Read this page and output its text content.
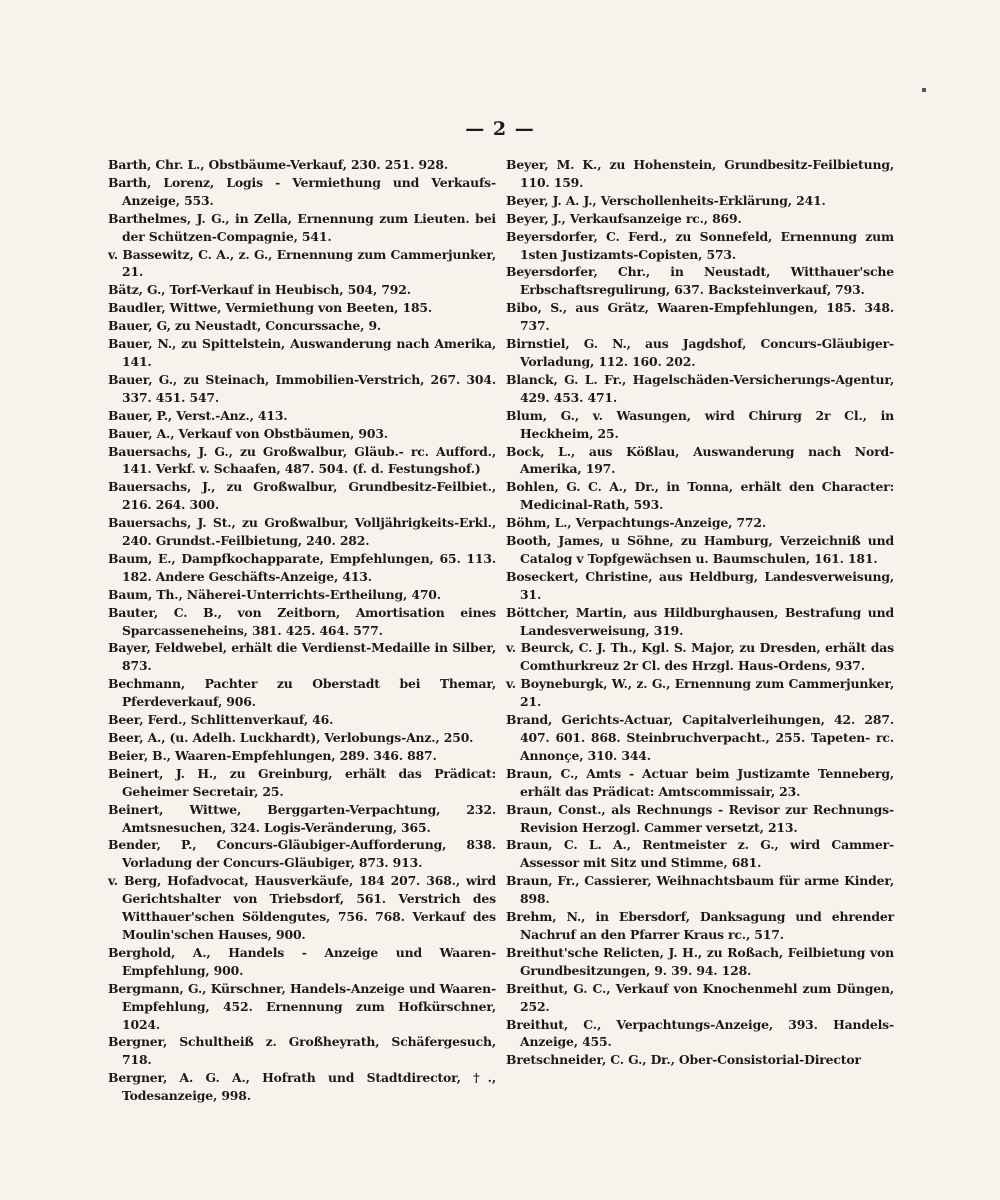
— 2 —
Barth, Chr. L., Obstbäume-Verkauf, 230. 251. 928.
Barth, Lorenz, Logis - Vermiethung und Verkaufs-Anzeige, 553.
Barthelmes, J. G., in Zella, Ernennung zum Lieuten. bei der Schützen-Compagnie, 541.
v. Bassewitz, C. A., z. G., Ernennung zum Cammerjunker, 21.
Bätz, G., Torf-Verkauf in Heubisch, 504, 792.
Baudler, Wittwe, Vermiethung von Beeten, 185.
Bauer, G, zu Neustadt, Concurssache, 9.
Bauer, N., zu Spittelstein, Auswanderung nach Amerika, 141.
Bauer, G., zu Steinach, Immobilien-Verstrich, 267. 304. 337. 451. 547.
Bauer, P., Verst.-Anz., 413.
Bauer, A., Verkauf von Obstbäumen, 903.
Bauersachs, J. G., zu Großwalbur, Gläub.- rc. Aufford., 141. Verkf. v. Schaafen, 487. 504. (f. d. Festungshof.)
Bauersachs, J., zu Großwalbur, Grundbesitz-Feilbiet., 216. 264. 300.
Bauersachs, J. St., zu Großwalbur, Volljährigkeits-Erkl., 240. Grundst.-Feilbietung, 240. 282.
Baum, E., Dampfkochapparate, Empfehlungen, 65. 113. 182. Andere Geschäfts-Anzeige, 413.
Baum, Th., Näherei-Unterrichts-Ertheilung, 470.
Bauter, C. B., von Zeitborn, Amortisation eines Sparcasseneheins, 381. 425. 464. 577.
Bayer, Feldwebel, erhält die Verdienst-Medaille in Silber, 873.
Bechmann, Pachter zu Oberstadt bei Themar, Pferdeverkauf, 906.
Beer, Ferd., Schlittenverkauf, 46.
Beer, A., (u. Adelh. Luckhardt), Verlobungs-Anz., 250.
Beier, B., Waaren-Empfehlungen, 289. 346. 887.
Beinert, J. H., zu Greinburg, erhält das Prädicat: Geheimer Secretair, 25.
Beinert, Wittwe, Berggarten-Verpachtung, 232. Amtsnesuchen, 324. Logis-Veränderung, 365.
Bender, P., Concurs-Gläubiger-Aufforderung, 838. Vorladung der Concurs-Gläubiger, 873. 913.
v. Berg, Hofadvocat, Hausverkäufe, 184 207. 368., wird Gerichtshalter von Triebsdorf, 561. Verstrich des Witthauer'schen Söldengutes, 756. 768. Verkauf des Moulin'schen Hauses, 900.
Berghold, A., Handels - Anzeige und Waaren-Empfehlung, 900.
Bergmann, G., Kürschner, Handels-Anzeige und Waaren-Empfehlung, 452. Ernennung zum Hofkürschner, 1024.
Bergner, Schultheiß z. Großheyrath, Schäfergesuch, 718.
Bergner, A. G. A., Hofrath und Stadtdirector, †., Todesanzeige, 998.
Beyer, M. K., zu Hohenstein, Grundbesitz-Feilbietung, 110. 159.
Beyer, J. A. J., Verschollenheits-Erklärung, 241.
Beyer, J., Verkaufsanzeige rc., 869.
Beyersdorfer, C. Ferd., zu Sonnefeld, Ernennung zum 1sten Justizamts-Copisten, 573.
Beyersdorfer, Chr., in Neustadt, Witthauer'sche Erbschaftsregulirung, 637. Backsteinverkauf, 793.
Bibo, S., aus Grätz, Waaren-Empfehlungen, 185. 348. 737.
Birnstiel, G. N., aus Jagdshof, Concurs-Gläubiger-Vorladung, 112. 160. 202.
Blanck, G. L. Fr., Hagelschäden-Versicherungs-Agentur, 429. 453. 471.
Blum, G., v. Wasungen, wird Chirurg 2r Cl., in Heckheim, 25.
Bock, L., aus Kößlau, Auswanderung nach Nord-Amerika, 197.
Bohlen, G. C. A., Dr., in Tonna, erhält den Character: Medicinal-Rath, 593.
Böhm, L., Verpachtungs-Anzeige, 772.
Booth, James, u Söhne, zu Hamburg, Verzeichniß und Catalog v Topfgewächsen u. Baumschulen, 161. 181.
Boseckert, Christine, aus Heldburg, Landesverweisung, 31.
Böttcher, Martin, aus Hildburghausen, Bestrafung und Landesverweisung, 319.
v. Beurck, C. J. Th., Kgl. S. Major, zu Dresden, erhält das Comthurkreuz 2r Cl. des Hrzgl. Haus-Ordens, 937.
v. Boyneburgk, W., z. G., Ernennung zum Cammerjunker, 21.
Brand, Gerichts-Actuar, Capitalverleihungen, 42. 287. 407. 601. 868. Steinbruchverpacht., 255. Tapeten- rc. Annonçe, 310. 344.
Braun, C., Amts - Actuar beim Justizamte Tenneberg, erhält das Prädicat: Amtscommissair, 23.
Braun, Const., als Rechnungs - Revisor zur Rechnungs-Revision Herzogl. Cammer versetzt, 213.
Braun, C. L. A., Rentmeister z. G., wird Cammer-Assessor mit Sitz und Stimme, 681.
Braun, Fr., Cassierer, Weihnachtsbaum für arme Kinder, 898.
Brehm, N., in Ebersdorf, Danksagung und ehrender Nachruf an den Pfarrer Kraus rc., 517.
Breithut'sche Relicten, J. H., zu Roßach, Feilbietung von Grundbesitzungen, 9. 39. 94. 128.
Breithut, G. C., Verkauf von Knochenmehl zum Düngen, 252.
Breithut, C., Verpachtungs-Anzeige, 393. Handels-Anzeige, 455.
Bretschneider, C. G., Dr., Ober-Consistorial-Director
